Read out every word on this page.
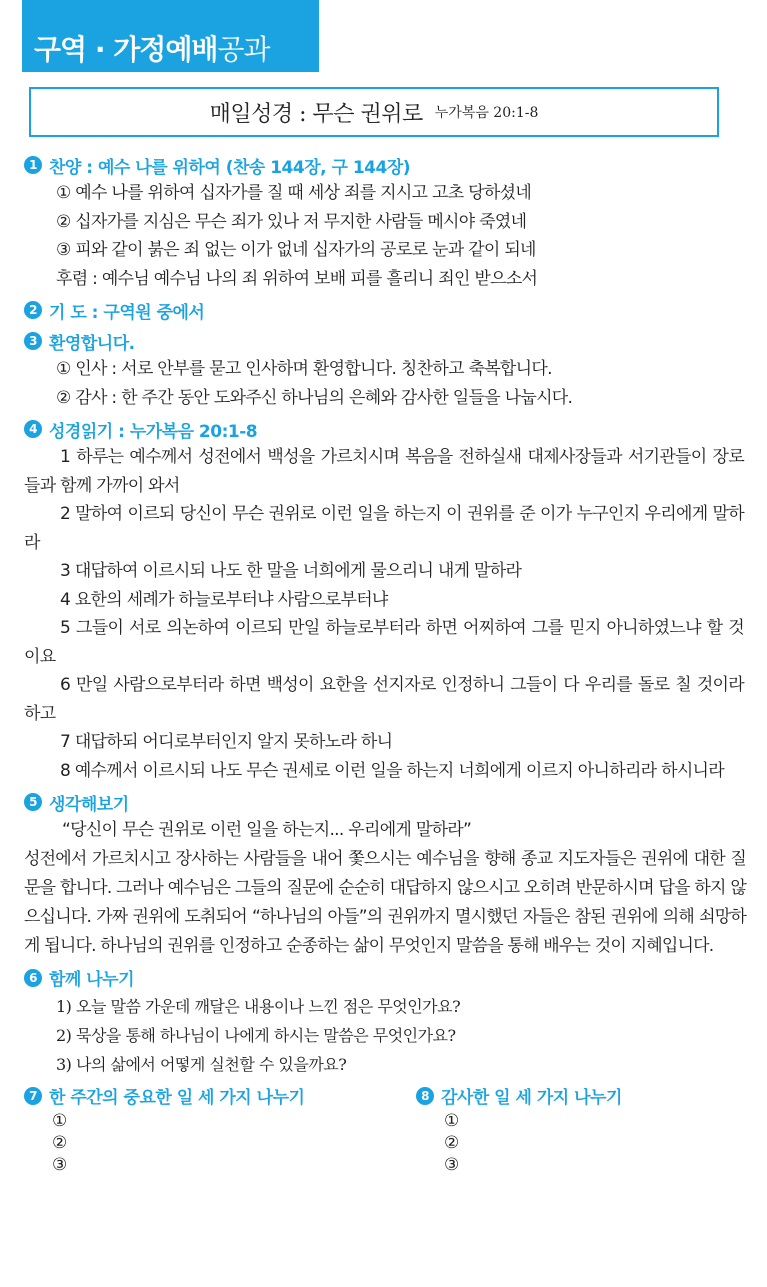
구역 · 가정예배공과
매일성경 : 무슨 권위로 누가복음 20:1-8
1 찬양 : 예수 나를 위하여 (찬송 144장, 구 144장)
① 예수 나를 위하여 십자가를 질 때 세상 죄를 지시고 고초 당하셨네
② 십자가를 지심은 무슨 죄가 있나 저 무지한 사람들 메시야 죽였네
③ 피와 같이 붉은 죄 없는 이가 없네 십자가의 공로로 눈과 같이 되네
후렴 : 예수님 예수님 나의 죄 위하여 보배 피를 흘리니 죄인 받으소서
2 기 도 : 구역원 중에서
3 환영합니다.
① 인사 : 서로 안부를 묻고 인사하며 환영합니다. 칭찬하고 축복합니다.
② 감사 : 한 주간 동안 도와주신 하나님의 은혜와 감사한 일들을 나눕시다.
4 성경읽기 : 누가복음 20:1-8
1 하루는 예수께서 성전에서 백성을 가르치시며 복음을 전하실새 대제사장들과 서기관들이 장로들과 함께 가까이 와서
2 말하여 이르되 당신이 무슨 권위로 이런 일을 하는지 이 권위를 준 이가 누구인지 우리에게 말하라
3 대답하여 이르시되 나도 한 말을 너희에게 물으리니 내게 말하라
4 요한의 세례가 하늘로부터냐 사람으로부터냐
5 그들이 서로 의논하여 이르되 만일 하늘로부터라 하면 어찌하여 그를 믿지 아니하였느냐 할 것이요
6 만일 사람으로부터라 하면 백성이 요한을 선지자로 인정하니 그들이 다 우리를 돌로 칠 것이라 하고
7 대답하되 어디로부터인지 알지 못하노라 하니
8 예수께서 이르시되 나도 무슨 권세로 이런 일을 하는지 너희에게 이르지 아니하리라 하시니라
5 생각해보기
“당신이 무슨 권위로 이런 일을 하는지... 우리에게 말하라”
성전에서 가르치시고 장사하는 사람들을 내어 쫓으시는 예수님을 향해 종교 지도자들은 권위에 대한 질문을 합니다. 그러나 예수님은 그들의 질문에 순순히 대답하지 않으시고 오히려 반문하시며 답을 하지 않으십니다. 가짜 권위에 도취되어 “하나님의 아들”의 권위까지 멸시했던 자들은 참된 권위에 의해 쇠망하게 됩니다. 하나님의 권위를 인정하고 순종하는 삶이 무엇인지 말씀을 통해 배우는 것이 지혜입니다.
6 함께 나누기
1) 오늘 말씀 가운데 깨달은 내용이나 느낀 점은 무엇인가요?
2) 묵상을 통해 하나님이 나에게 하시는 말씀은 무엇인가요?
3) 나의 삶에서 어떻게 실천할 수 있을까요?
7 한 주간의 중요한 일 세 가지 나누기
①
②
③
8 감사한 일 세 가지 나누기
①
②
③
